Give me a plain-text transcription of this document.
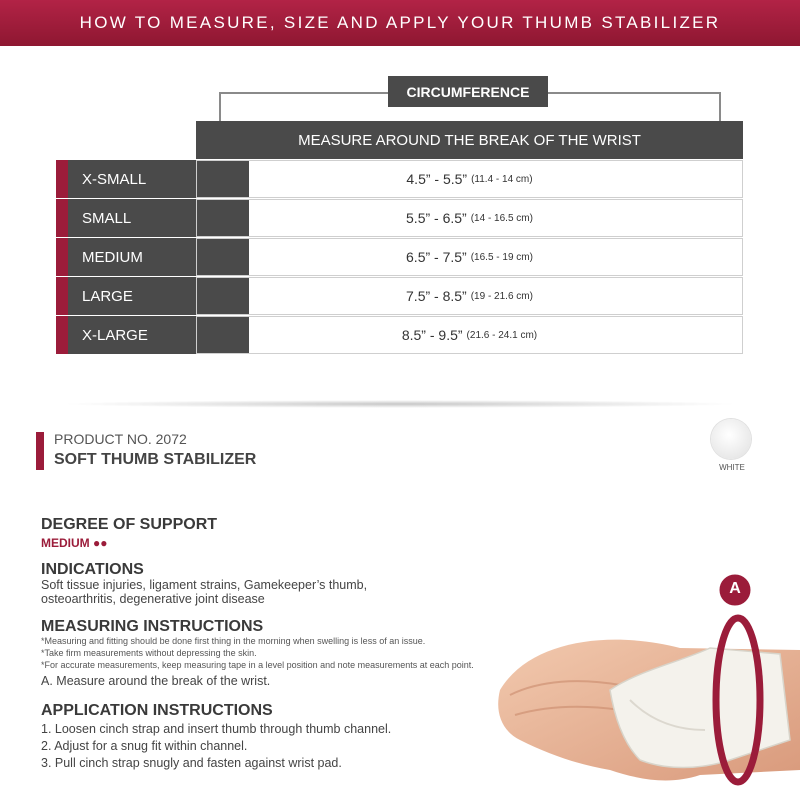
HOW TO MEASURE, SIZE AND APPLY YOUR THUMB STABILIZER
CIRCUMFERENCE
MEASURE AROUND THE BREAK OF THE WRIST
X-SMALL	4.5” - 5.5” (11.4 - 14 cm)
SMALL	5.5” - 6.5” (14 - 16.5 cm)
MEDIUM	6.5” - 7.5” (16.5 - 19 cm)
LARGE	7.5” - 8.5” (19 - 21.6 cm)
X-LARGE	8.5” - 9.5” (21.6 - 24.1 cm)
PRODUCT NO. 2072
SOFT THUMB STABILIZER	WHITE
DEGREE OF SUPPORT
MEDIUM ●●
INDICATIONS
Soft tissue injuries, ligament strains, Gamekeeper’s thumb,
osteoarthritis, degenerative joint disease
MEASURING INSTRUCTIONS
*Measuring and fitting should be done first thing in the morning when swelling is less of an issue.
*Take firm measurements without depressing the skin.
*For accurate measurements, keep measuring tape in a level position and note measurements at each point.
A. Measure around the break of the wrist.
APPLICATION INSTRUCTIONS
1. Loosen cinch strap and insert thumb through thumb channel.
2. Adjust for a snug fit within channel.
3. Pull cinch strap snugly and fasten against wrist pad.
A
